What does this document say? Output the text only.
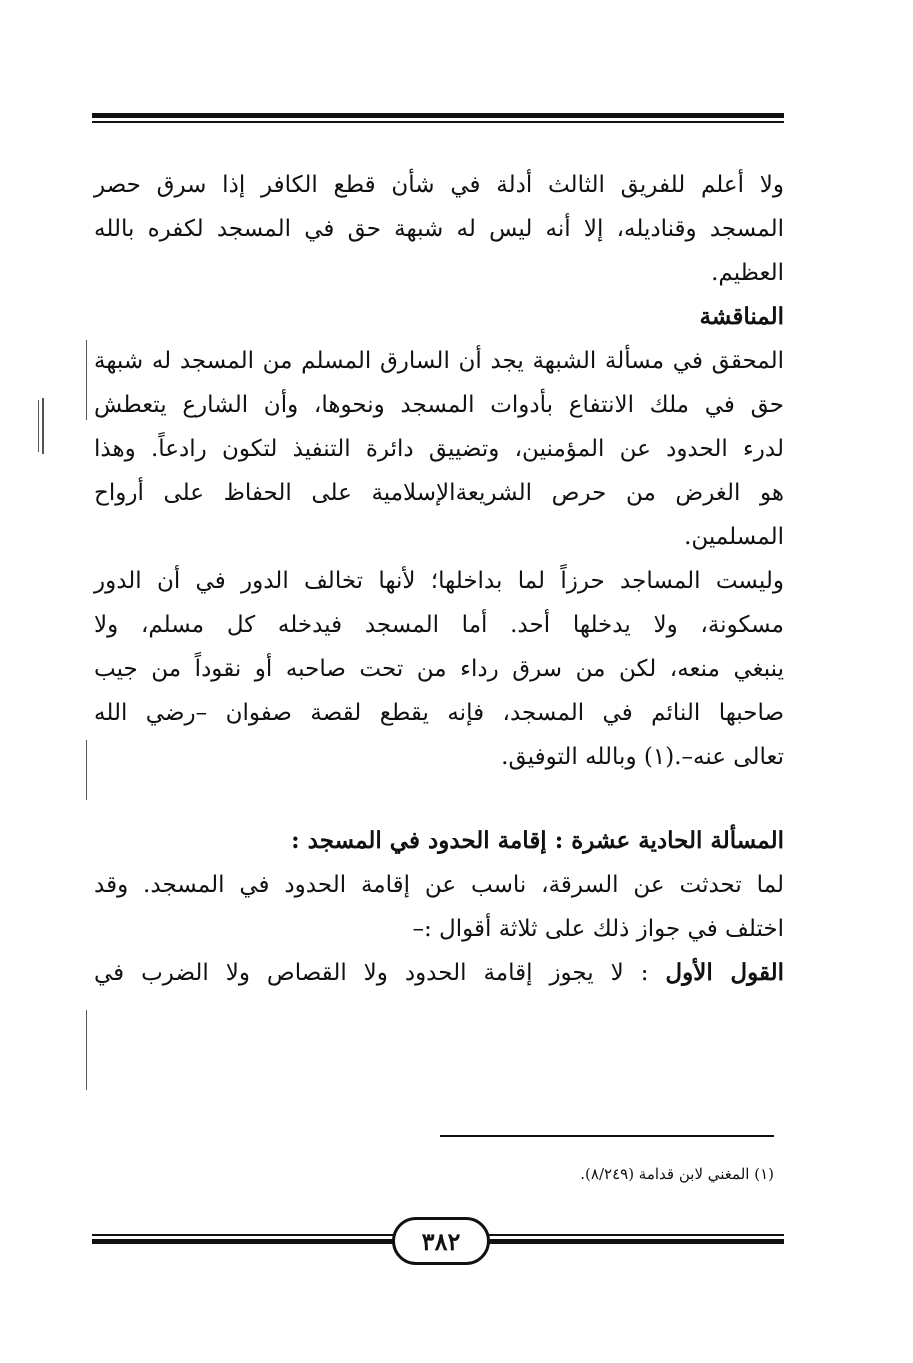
ولا أعلم للفريق الثالث أدلة في شأن قطع الكافر إذا سرق حصر
المسجد وقناديله، إلا أنه ليس له شبهة حق في المسجد لكفره بالله
العظيم.
المناقشة
المحقق في مسألة الشبهة يجد أن السارق المسلم من المسجد له شبهة
حق في ملك الانتفاع بأدوات المسجد ونحوها، وأن الشارع يتعطش
لدرء الحدود عن المؤمنين، وتضييق دائرة التنفيذ لتكون رادعاً. وهذا
هو الغرض من حرص الشريعةالإسلامية على الحفاظ على أرواح
المسلمين.
وليست المساجد حرزاً لما بداخلها؛ لأنها تخالف الدور في أن الدور
مسكونة، ولا يدخلها أحد. أما المسجد فيدخله كل مسلم، ولا
ينبغي منعه، لكن من سرق رداء من تحت صاحبه أو نقوداً من جيب
صاحبها النائم في المسجد، فإنه يقطع لقصة صفوان –رضي الله
تعالى عنه–.(١) وبالله التوفيق.
المسألة الحادية عشرة : إقامة الحدود في المسجد :
لما تحدثت عن السرقة، ناسب عن إقامة الحدود في المسجد. وقد
اختلف في جواز ذلك على ثلاثة أقوال :–
القول الأول : لا يجوز إقامة الحدود ولا القصاص ولا الضرب في
(١) المغني لابن قدامة (٨/٢٤٩).
٣٨٢
